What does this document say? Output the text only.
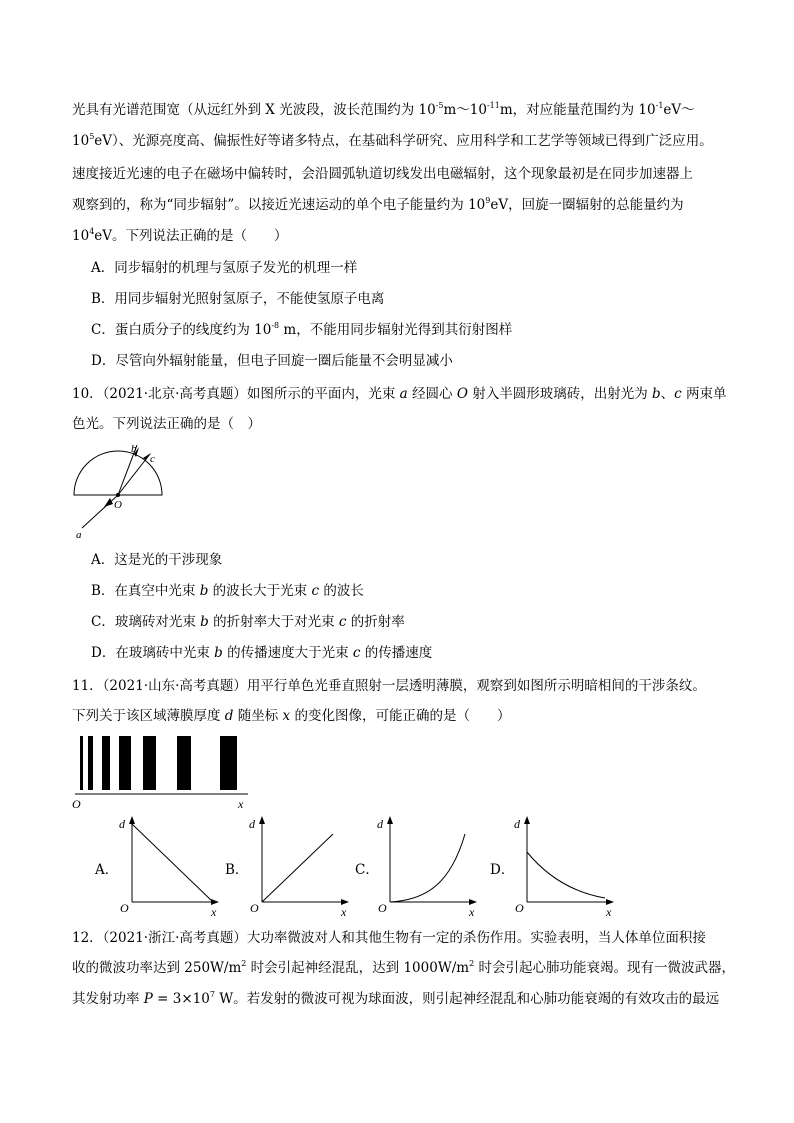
光具有光谱范围宽（从远红外到 X 光波段，波长范围约为 $10^{-5}m\sim 10^{-11}m$，对应能量范围约为 $10^{-1}eV\sim$
$10^5eV$）、光源亮度高、偏振性好等诸多特点，在基础科学研究、应用科学和工艺学等领域已得到广泛应用。
速度接近光速的电子在磁场中偏转时，会沿圆弧轨道切线发出电磁辐射，这个现象最初是在同步加速器上
观察到的，称为“同步辐射”。以接近光速运动的单个电子能量约为 $10^9eV$，回旋一圈辐射的总能量约为
$10^4eV$。下列说法正确的是（　　）
A．同步辐射的机理与氢原子发光的机理一样
B．用同步辐射光照射氢原子，不能使氢原子电离
C．蛋白质分子的线度约为 $10^{-8}$ m，不能用同步辐射光得到其衍射图样
D．尽管向外辐射能量，但电子回旋一圈后能量不会明显减小
10．（2021·北京·高考真题）如图所示的平面内，光束 a 经圆心 O 射入半圆形玻璃砖，出射光为 b、c 两束单
色光。下列说法正确的是（　）
b
c
O
a
A．这是光的干涉现象
B．在真空中光束 b 的波长大于光束 c 的波长
C．玻璃砖对光束 b 的折射率大于对光束 c 的折射率
D．在玻璃砖中光束 b 的传播速度大于光束 c 的传播速度
11．（2021·山东·高考真题）用平行单色光垂直照射一层透明薄膜，观察到如图所示明暗相间的干涉条纹。
下列关于该区域薄膜厚度 d 随坐标 x 的变化图像，可能正确的是（　　）
O	x
A．
d
O	x
B．
d
O	x
C．
d
O	x
D．
d
O	x
12．（2021·浙江·高考真题）大功率微波对人和其他生物有一定的杀伤作用。实验表明，当人体单位面积接
收的微波功率达到 $250W/m^2$ 时会引起神经混乱，达到 $1000W/m^2$ 时会引起心肺功能衰竭。现有一微波武器，
其发射功率 $P = 3\times 10^7$ W。若发射的微波可视为球面波，则引起神经混乱和心肺功能衰竭的有效攻击的最远
